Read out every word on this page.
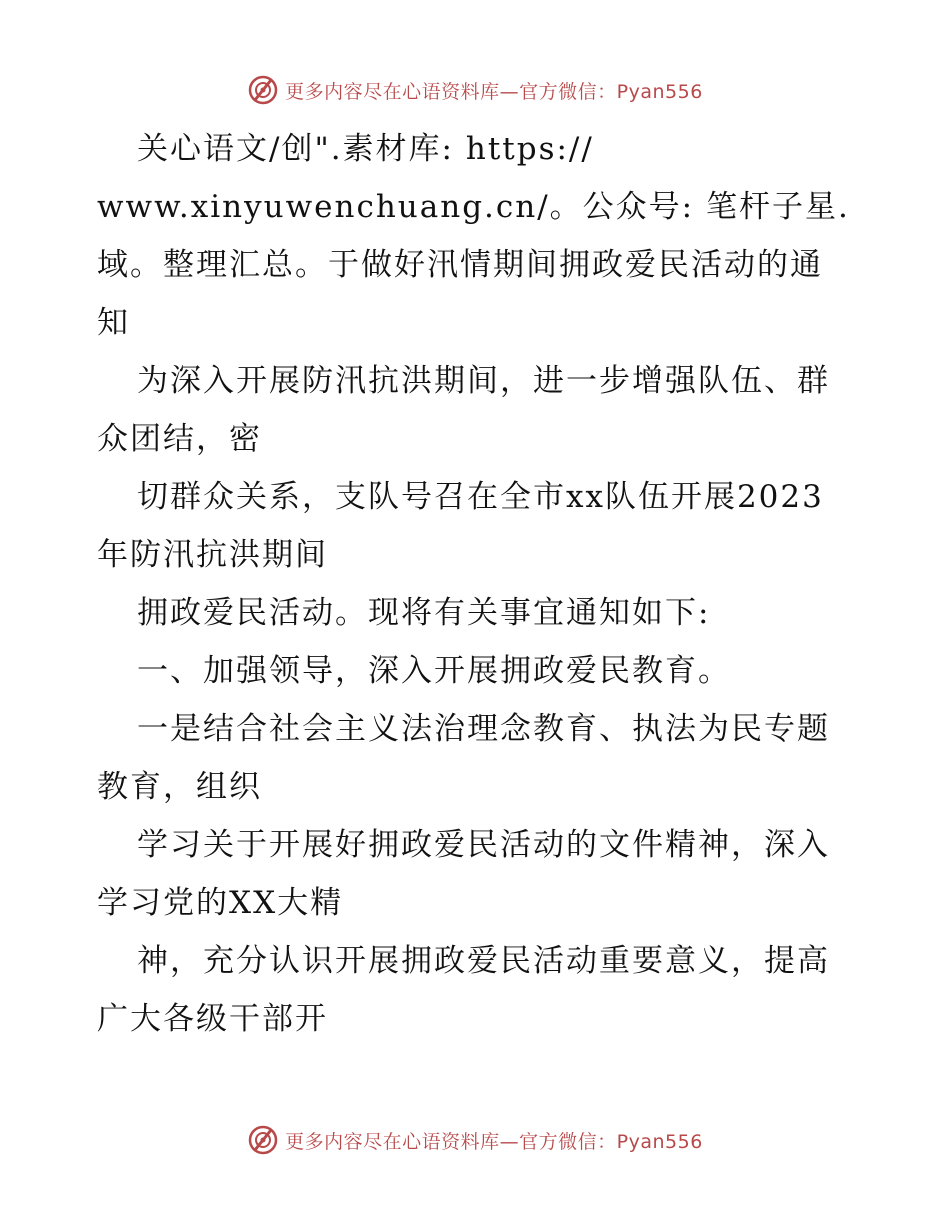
更多内容尽在心语资料库—官方微信：Pyan556
关心语文/创".素材库: https://
www.xinyuwenchuang.cn/。公众号: 笔杆子星.
域。整理汇总。于做好汛情期间拥政爱民活动的通
知
为深入开展防汛抗洪期间，进一步增强队伍、群
众团结，密
切群众关系，支队号召在全市xx队伍开展2023
年防汛抗洪期间
拥政爱民活动。现将有关事宜通知如下:
一、加强领导，深入开展拥政爱民教育。
一是结合社会主义法治理念教育、执法为民专题
教育，组织
学习关于开展好拥政爱民活动的文件精神，深入
学习党的XX大精
神，充分认识开展拥政爱民活动重要意义，提高
广大各级干部开
更多内容尽在心语资料库—官方微信：Pyan556
